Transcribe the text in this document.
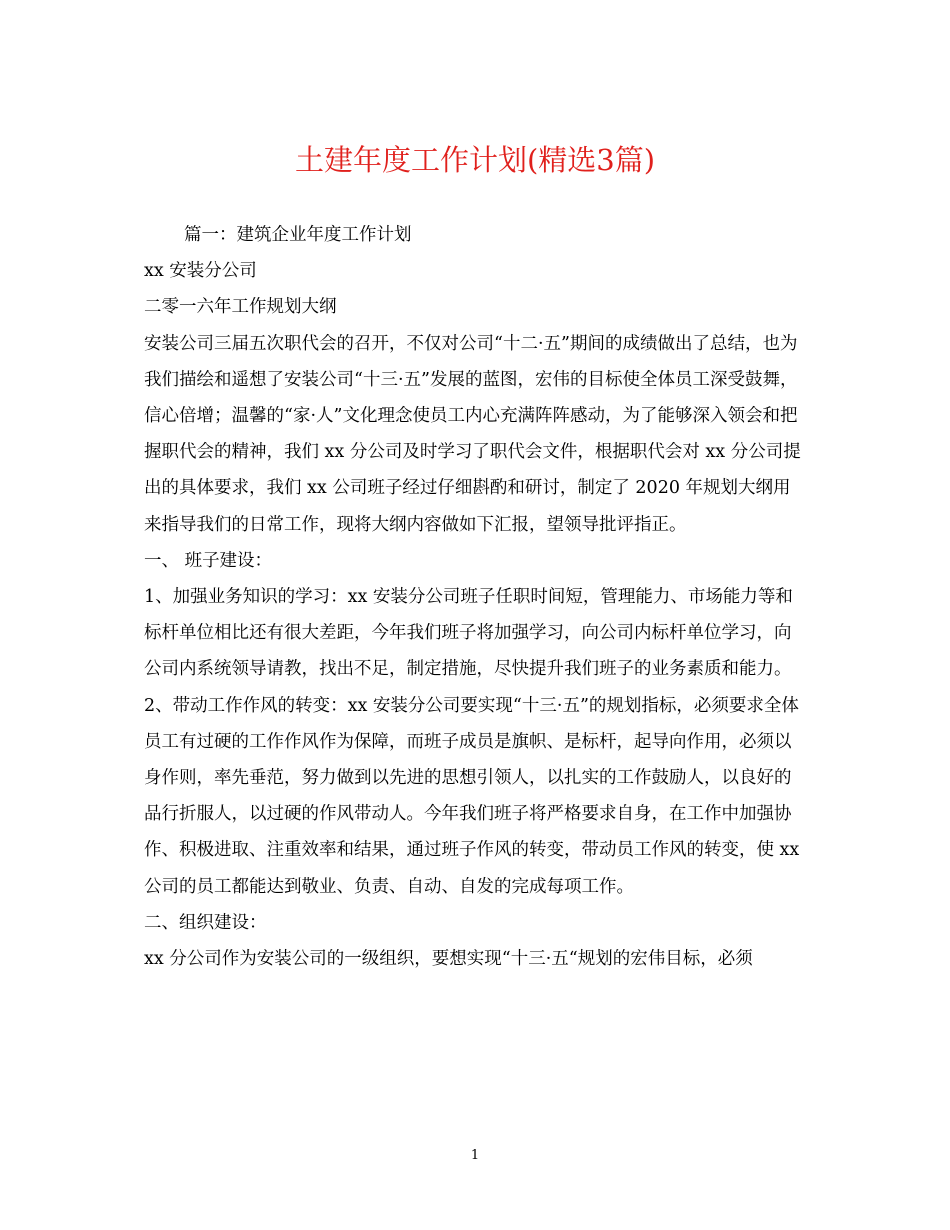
土建年度工作计划(精选3篇)

篇一：建筑企业年度工作计划

xx 安装分公司

二零一六年工作规划大纲

安装公司三届五次职代会的召开，不仅对公司“十二·五”期间的成绩做出了总结，也为我们描绘和遥想了安装公司“十三·五”发展的蓝图，宏伟的目标使全体员工深受鼓舞，信心倍增；温馨的“家·人”文化理念使员工内心充满阵阵感动，为了能够深入领会和把握职代会的精神，我们 xx 分公司及时学习了职代会文件，根据职代会对 xx 分公司提出的具体要求，我们 xx 公司班子经过仔细斟酌和研讨，制定了 2020 年规划大纲用来指导我们的日常工作，现将大纲内容做如下汇报，望领导批评指正。

一、 班子建设：

1、加强业务知识的学习：xx 安装分公司班子任职时间短，管理能力、市场能力等和标杆单位相比还有很大差距，今年我们班子将加强学习，向公司内标杆单位学习，向公司内系统领导请教，找出不足，制定措施，尽快提升我们班子的业务素质和能力。

2、带动工作作风的转变：xx 安装分公司要实现“十三·五”的规划指标，必须要求全体员工有过硬的工作作风作为保障，而班子成员是旗帜、是标杆，起导向作用，必须以身作则，率先垂范，努力做到以先进的思想引领人，以扎实的工作鼓励人，以良好的品行折服人，以过硬的作风带动人。今年我们班子将严格要求自身，在工作中加强协作、积极进取、注重效率和结果，通过班子作风的转变，带动员工作风的转变，使 xx 公司的员工都能达到敬业、负责、自动、自发的完成每项工作。

二、组织建设：

xx 分公司作为安装公司的一级组织，要想实现“十三·五“规划的宏伟目标，必须

1
